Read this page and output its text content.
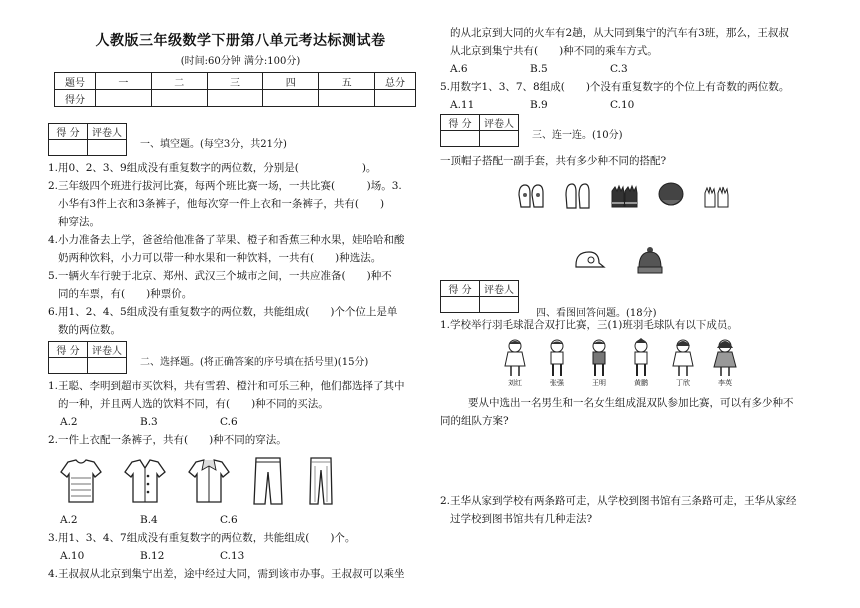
人教版三年级数学下册第八单元考达标测试卷
(时间:60分钟 满分:100分)
题号	一	二	三	四	五	总分
得分						
得 分	评卷人

一、填空题。(每空3分，共21分)

1.用0、2、3、9组成没有重复数字的两位数，分别是(　　　　　　)。

2.三年级四个班进行拔河比赛，每两个班比赛一场，一共比赛(　　　)场。3.

小华有3件上衣和3条裤子，他每次穿一件上衣和一条裤子，共有(　　)

种穿法。

4.小力准备去上学，爸爸给他准备了苹果、橙子和香蕉三种水果，娃哈哈和酸

奶两种饮料，小力可以带一种水果和一种饮料，一共有(　　)种选法。

5.一辆火车行驶于北京、郑州、武汉三个城市之间，一共应准备(　　)种不

同的车票，有(　　)种票价。

6.用1、2、4、5组成没有重复数字的两位数，共能组成(　　)个个位上是单

数的两位数。

得 分	评卷人

二、选择题。(将正确答案的序号填在括号里)(15分)

1.王聪、李明到超市买饮料，共有雪碧、橙汁和可乐三种，他们都选择了其中

的一种，并且两人选的饮料不同，有(　　)种不同的买法。

A.2	B.3	C.6

2.一件上衣配一条裤子，共有(　　)种不同的穿法。

A.2	B.4	C.6

3.用1、3、4、7组成没有重复数字的两位数，共能组成(　　)个。

A.10	B.12	C.13

4.王叔叔从北京到集宁出差，途中经过大同，需到该市办事。王叔叔可以乘坐

的从北京到大同的火车有2趟，从大同到集宁的汽车有3班，那么，王叔叔

从北京到集宁共有(　　)种不同的乘车方式。

A.6	B.5	C.3

5.用数字1、3、7、8组成(　　)个没有重复数字的个位上有奇数的两位数。

A.11	B.9	C.10
得 分	评卷人

三、连一连。(10分)

一顶帽子搭配一副手套，共有多少种不同的搭配?

得 分	评卷人

四、看图回答问题。(18分)

1.学校举行羽毛球混合双打比赛，三(1)班羽毛球队有以下成员。

刘红	张强	王明	黄鹏	丁欣	李英

要从中选出一名男生和一名女生组成混双队参加比赛，可以有多少种不

同的组队方案?

2.王华从家到学校有两条路可走，从学校到图书馆有三条路可走，王华从家经

过学校到图书馆共有几种走法?
